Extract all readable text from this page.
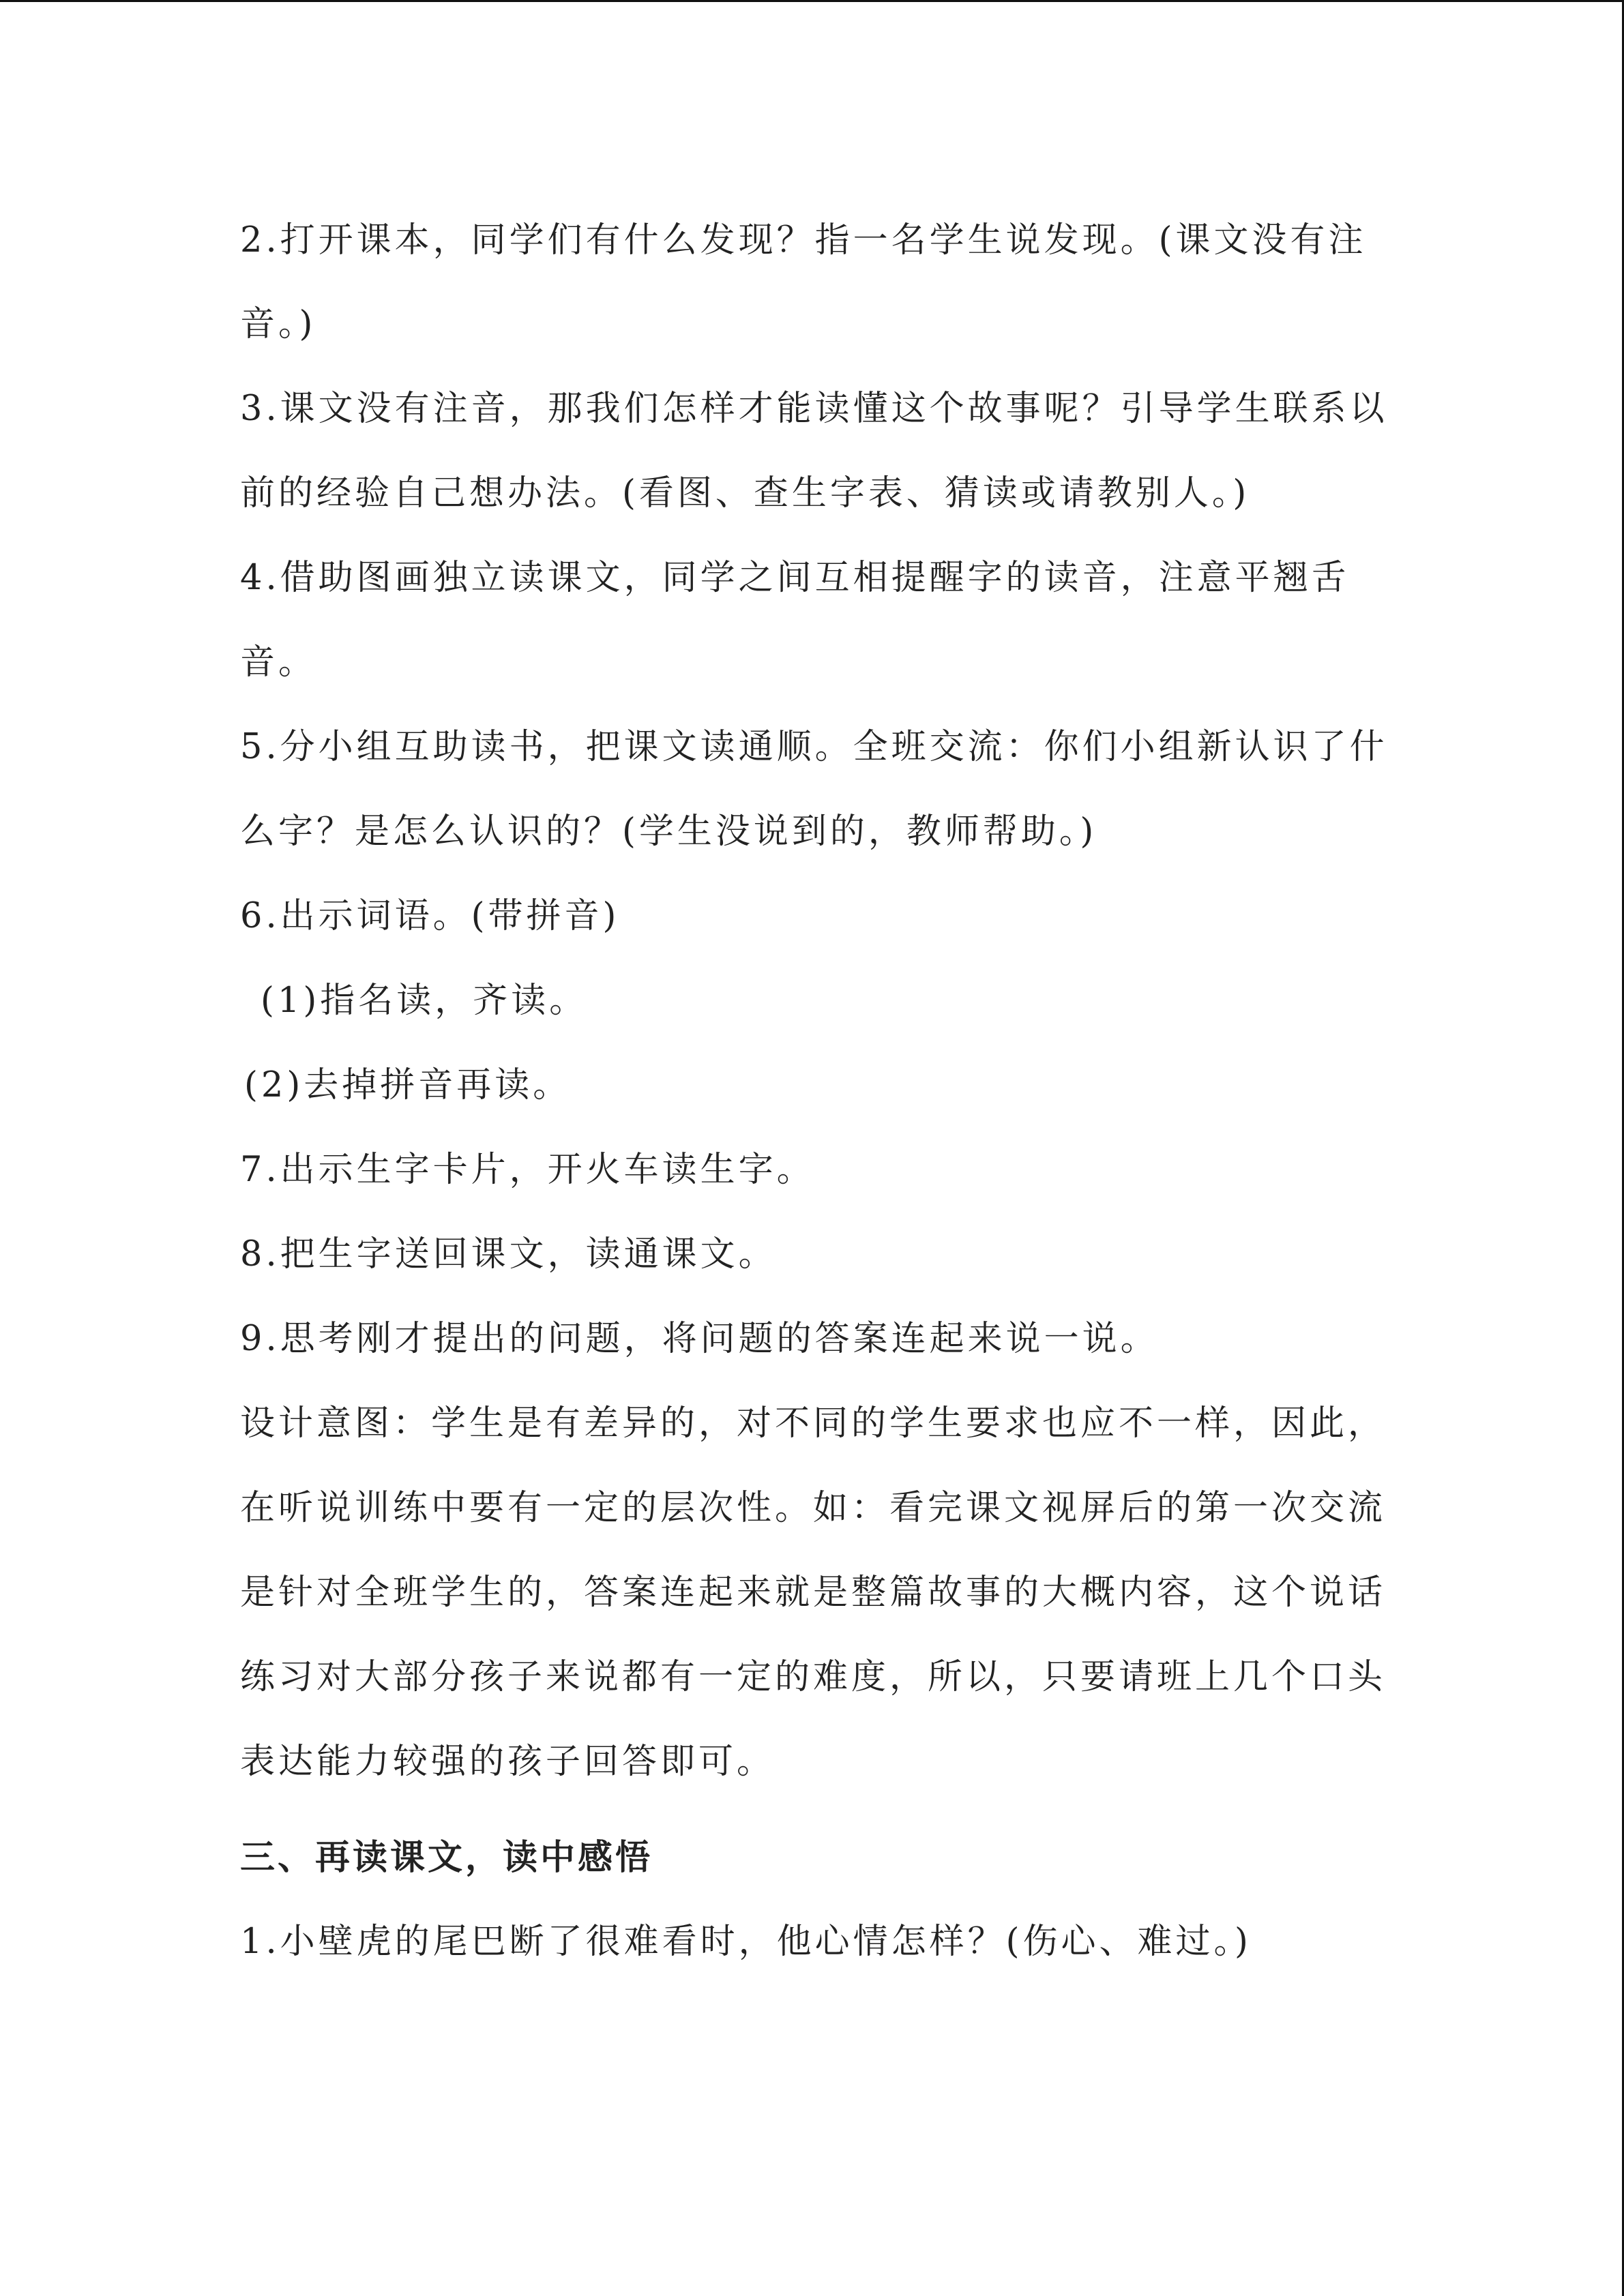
2.打开课本，同学们有什么发现？指一名学生说发现。(课文没有注
音。)
3.课文没有注音，那我们怎样才能读懂这个故事呢？引导学生联系以
前的经验自己想办法。(看图、查生字表、猜读或请教别人。)
4.借助图画独立读课文，同学之间互相提醒字的读音，注意平翘舌
音。
5.分小组互助读书，把课文读通顺。全班交流：你们小组新认识了什
么字？是怎么认识的？(学生没说到的，教师帮助。)
6.出示词语。(带拼音)
(1)指名读，齐读。
(2)去掉拼音再读。
7.出示生字卡片，开火车读生字。
8.把生字送回课文，读通课文。
9.思考刚才提出的问题，将问题的答案连起来说一说。
设计意图：学生是有差异的，对不同的学生要求也应不一样，因此，
在听说训练中要有一定的层次性。如：看完课文视屏后的第一次交流
是针对全班学生的，答案连起来就是整篇故事的大概内容，这个说话
练习对大部分孩子来说都有一定的难度，所以，只要请班上几个口头
表达能力较强的孩子回答即可。
三、再读课文，读中感悟
1.小壁虎的尾巴断了很难看时，他心情怎样？(伤心、难过。)
